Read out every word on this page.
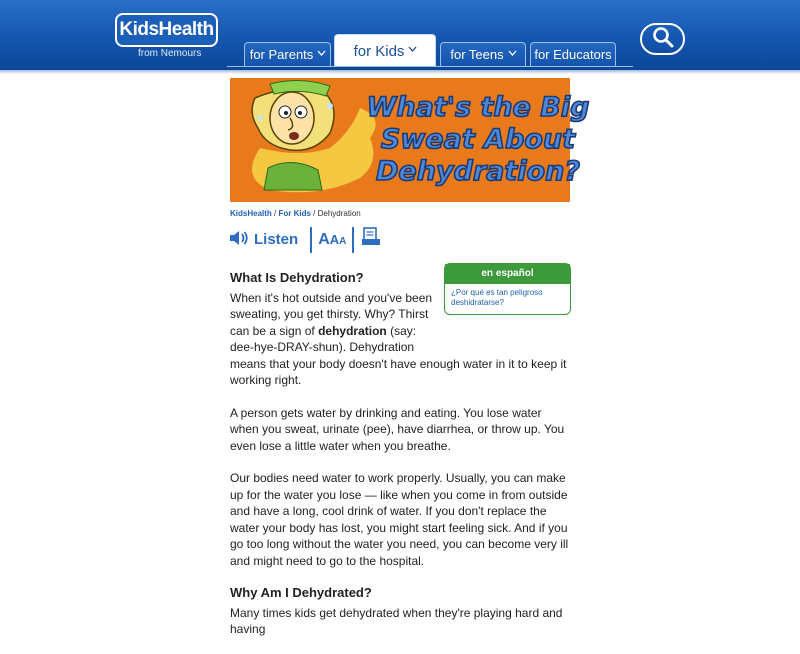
KidsHealth
from Nemours	for Parents	for Kids	for Teens for Educators
What's the Big
Sweat About
Dehydration?
KidsHealth / For Kids / Dehydration
Listen A A A
en español
¿Por qué es tan peligroso deshidratarse?
What Is Dehydration?

When it's hot outside and you've been sweating, you get thirsty. Why? Thirst can be a sign of dehydration (say: dee-hye-DRAY-shun). Dehydration means that your body doesn't have enough water in it to keep it working right.

A person gets water by drinking and eating. You lose water when you sweat, urinate (pee), have diarrhea, or throw up. You even lose a little water when you breathe.

Our bodies need water to work properly. Usually, you can make up for the water you lose — like when you come in from outside and have a long, cool drink of water. If you don't replace the water your body has lost, you might start feeling sick. And if you go too long without the water you need, you can become very ill and might need to go to the hospital.

Why Am I Dehydrated?

Many times kids get dehydrated when they're playing hard and having
